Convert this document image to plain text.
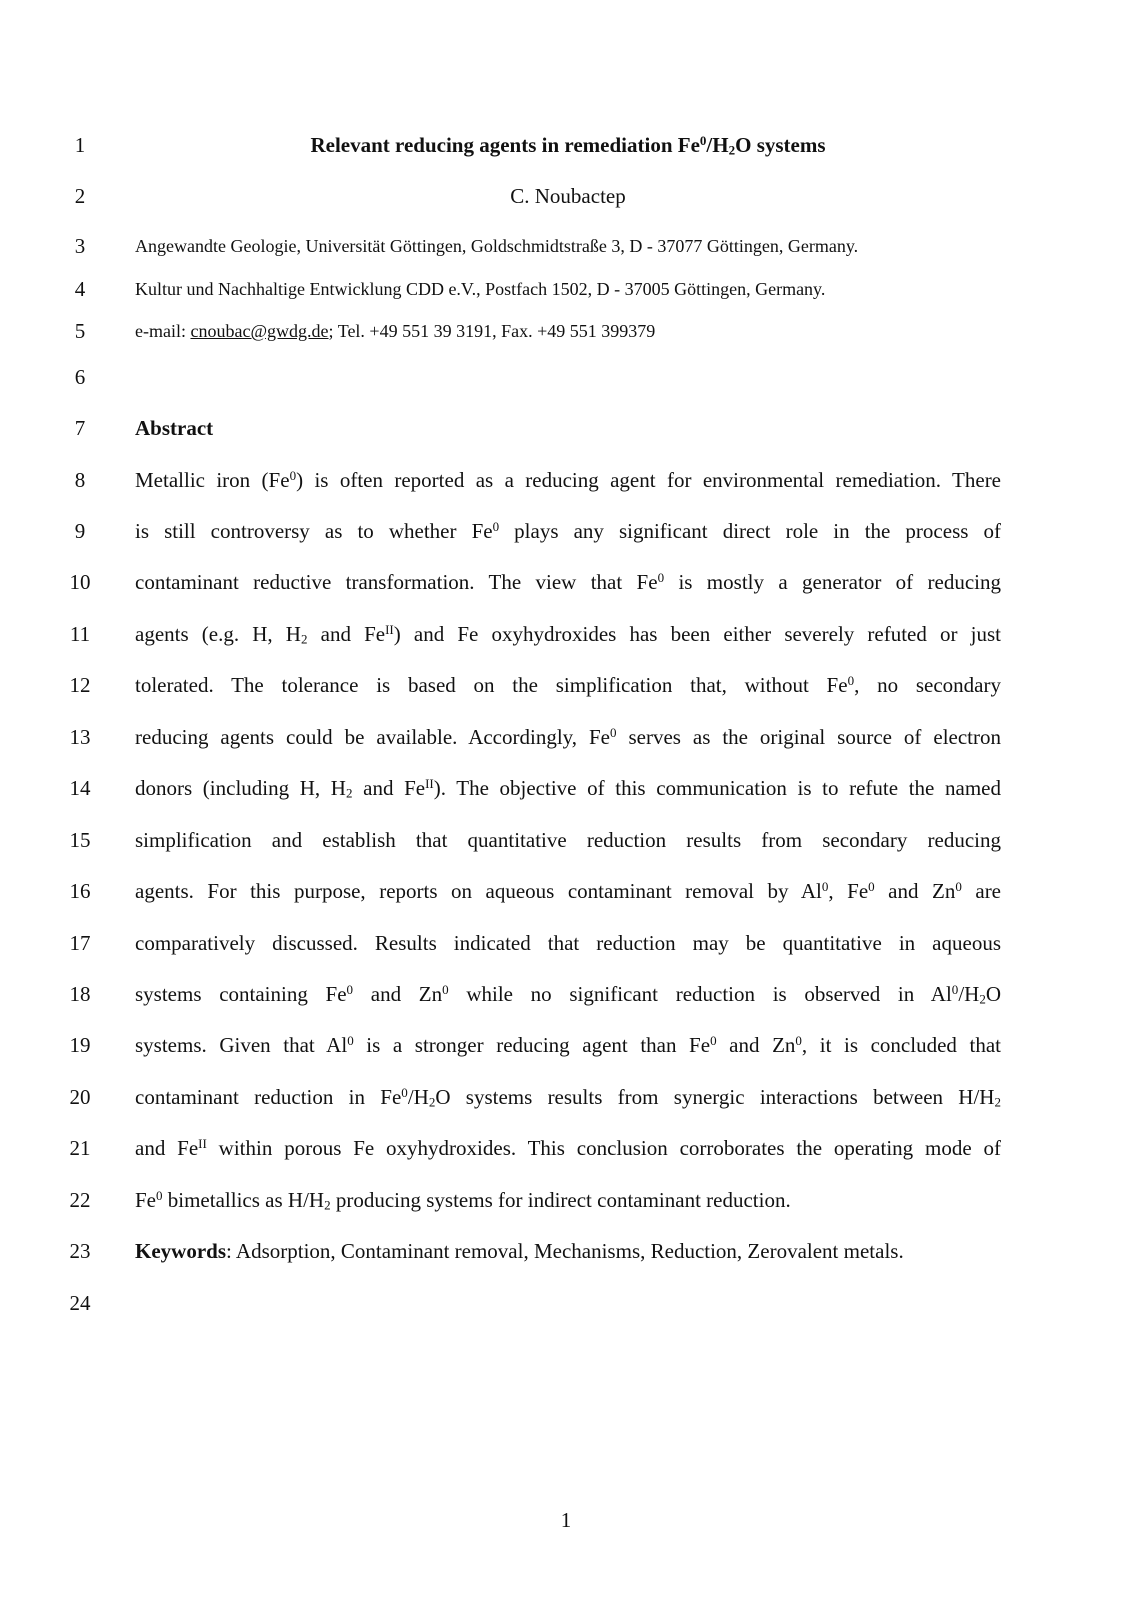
1	Relevant reducing agents in remediation $Fe^0/H_2O$ systems
2	C. Noubactep
3	Angewandte Geologie, Universität Göttingen, Goldschmidtstraße 3, D - 37077 Göttingen, Germany.
4	Kultur und Nachhaltige Entwicklung CDD e.V., Postfach 1502, D - 37005 Göttingen, Germany.
5	e-mail: cnoubac@gwdg.de; Tel. +49 551 39 3191, Fax. +49 551 399379
6
7	Abstract
8	Metallic iron (Fe$^0$) is often reported as a reducing agent for environmental remediation. There
9	is still controversy as to whether Fe$^0$ plays any significant direct role in the process of
10	contaminant reductive transformation. The view that Fe$^0$ is mostly a generator of reducing
11	agents (e.g. H, $H_2$ and $Fe^{II}$) and Fe oxyhydroxides has been either severely refuted or just
12	tolerated. The tolerance is based on the simplification that, without Fe$^0$, no secondary
13	reducing agents could be available. Accordingly, Fe$^0$ serves as the original source of electron
14	donors (including H, $H_2$ and $Fe^{II}$). The objective of this communication is to refute the named
15	simplification and establish that quantitative reduction results from secondary reducing
16	agents. For this purpose, reports on aqueous contaminant removal by Al$^0$, Fe$^0$ and Zn$^0$ are
17	comparatively discussed. Results indicated that reduction may be quantitative in aqueous
18	systems containing Fe$^0$ and Zn$^0$ while no significant reduction is observed in $Al^0/H_2O$
19	systems. Given that Al$^0$ is a stronger reducing agent than Fe$^0$ and Zn$^0$, it is concluded that
20	contaminant reduction in $Fe^0/H_2O$ systems results from synergic interactions between $H/H_2$
21	and $Fe^{II}$ within porous Fe oxyhydroxides. This conclusion corroborates the operating mode of
22	Fe$^0$ bimetallics as $H/H_2$ producing systems for indirect contaminant reduction.
23	Keywords: Adsorption, Contaminant removal, Mechanisms, Reduction, Zerovalent metals.
24
1
